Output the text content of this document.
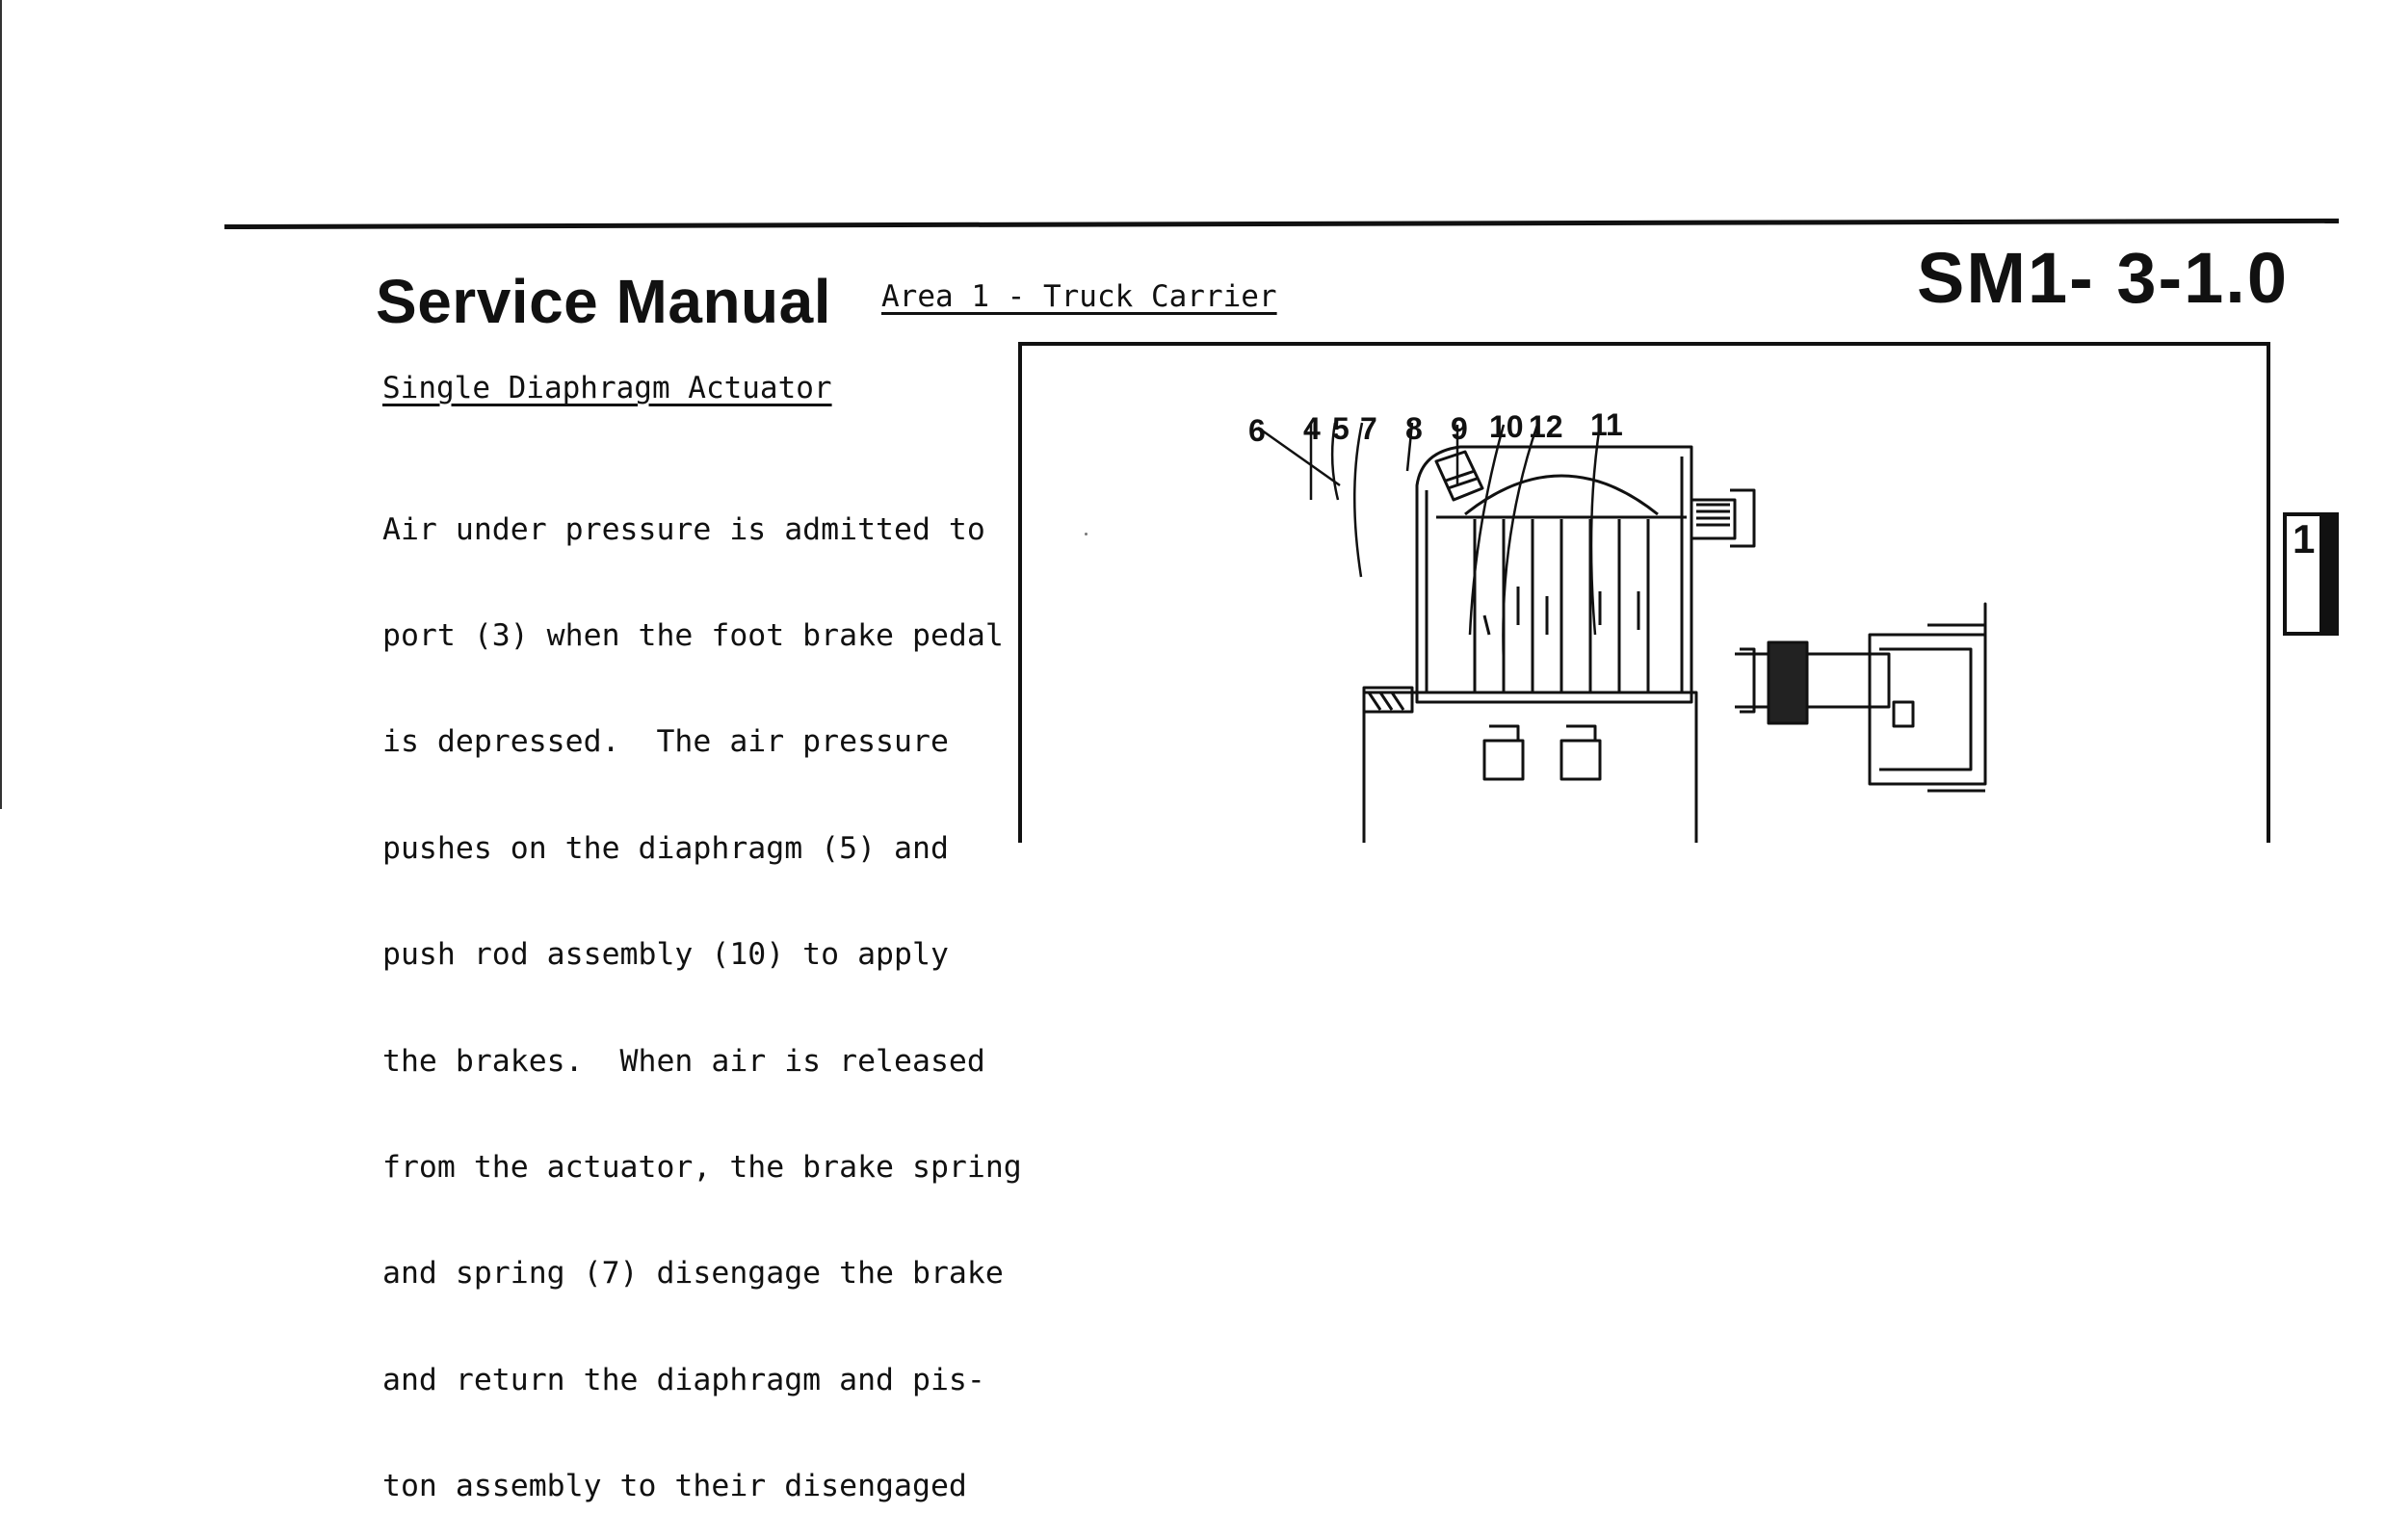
Service Manual Area 1 - Truck Carrier	SM1- 3-1.0
Single Diaphragm Actuator

Air under pressure is admitted to

port (3) when the foot brake pedal

is depressed.  The air pressure

pushes on the diaphragm (5) and

push rod assembly (10) to apply

the brakes.  When air is released

from the actuator, the brake spring

and spring (7) disengage the brake

and return the diaphragm and pis-

ton assembly to their disengaged

6 4 5 7 8 9 10 12 11
1
